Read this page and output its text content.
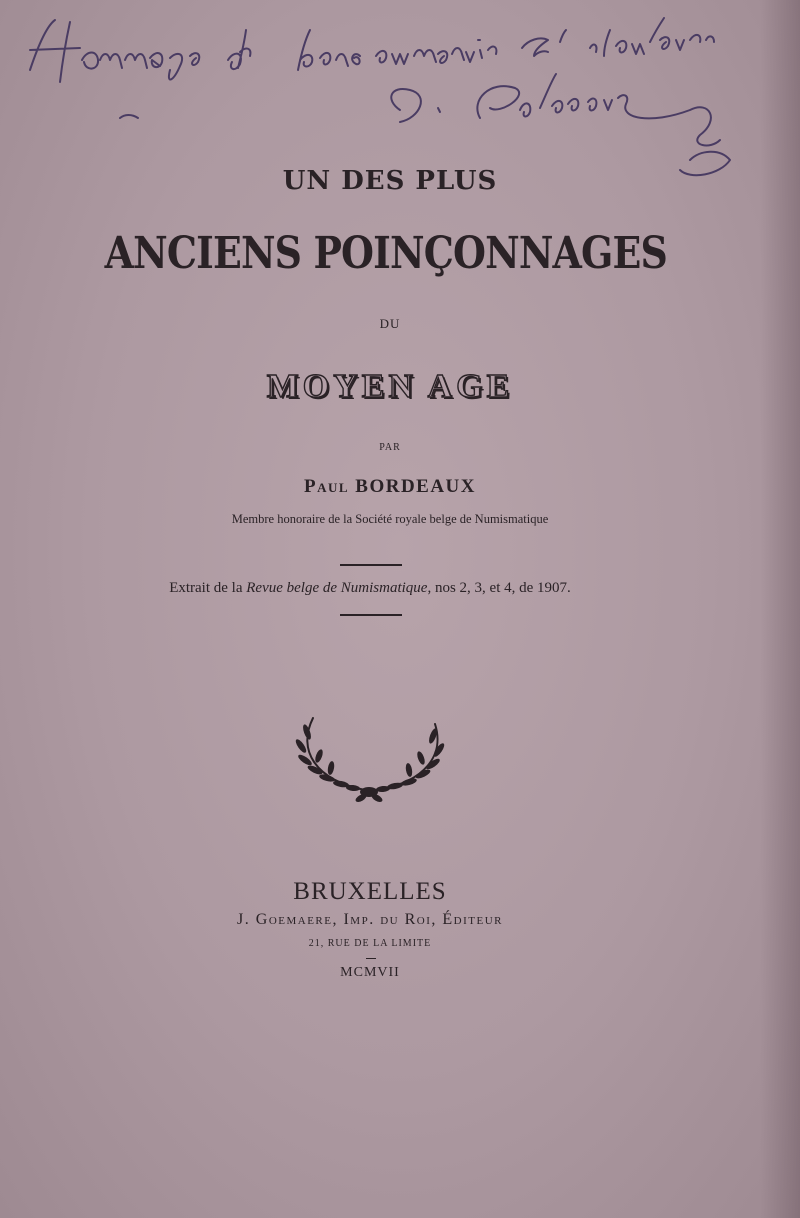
UN DES PLUS
ANCIENS POINÇONNAGES
DU
MOYEN AGE
PAR
Paul BORDEAUX
Membre honoraire de la Société royale belge de Numismatique
Extrait de la Revue belge de Numismatique, nos 2, 3, et 4, de 1907.
BRUXELLES
J. Goemaere, Imp. du Roi, Éditeur
21, RUE DE LA LIMITE
MCMVII
